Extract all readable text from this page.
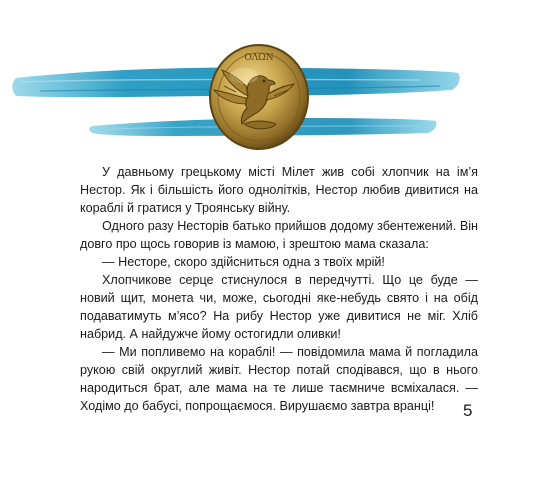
ΟΛΩΝ

У давньому грецькому місті Мілет жив собі хлопчик на ім’я Нестор. Як і більшість його однолітків, Нестор любив дивитися на кораблі й гратися у Троянську війну.

Одного разу Несторів батько прийшов додому збентежений. Він довго про щось говорив із мамою, і зрештою мама сказала:

— Несторе, скоро здійсниться одна з твоїх мрій!

Хлопчикове серце стиснулося в передчутті. Що це буде — новий щит, монета чи, може, сьогодні яке-небудь свято і на обід подаватимуть м’ясо? На рибу Нестор уже дивитися не міг. Хліб набрид. А найдужче йому остогидли оливки!

— Ми попливемо на кораблі! — повідомила мама й погладила рукою свій округлий живіт. Нестор потай сподівався, що в нього народиться брат, але мама на те лише таємниче всміхалася. — Ходімо до бабусі, попрощаємося. Вирушаємо завтра вранці!	5
